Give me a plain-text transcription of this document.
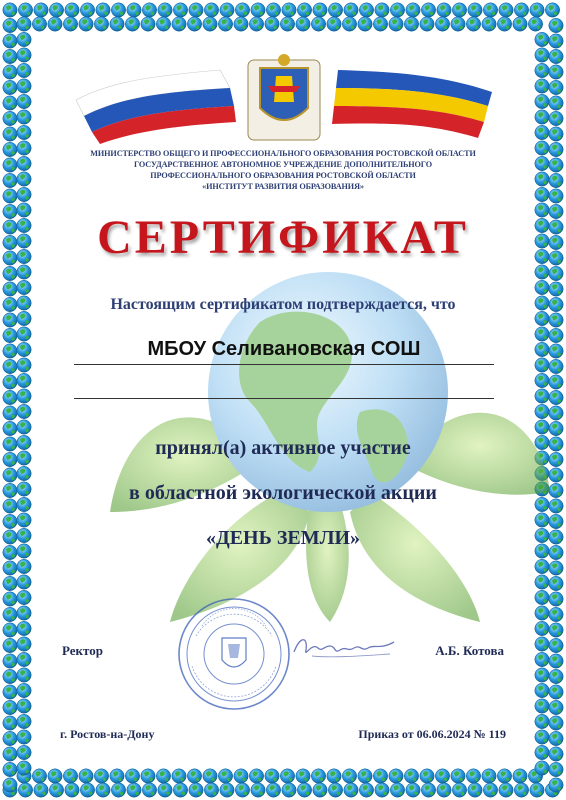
МИНИСТЕРСТВО ОБЩЕГО И ПРОФЕССИОНАЛЬНОГО ОБРАЗОВАНИЯ РОСТОВСКОЙ ОБЛАСТИ
ГОСУДАРСТВЕННОЕ АВТОНОМНОЕ УЧРЕЖДЕНИЕ ДОПОЛНИТЕЛЬНОГО
ПРОФЕССИОНАЛЬНОГО ОБРАЗОВАНИЯ РОСТОВСКОЙ ОБЛАСТИ
«ИНСТИТУТ РАЗВИТИЯ ОБРАЗОВАНИЯ»
СЕРТИФИКАТ
Настоящим сертификатом подтверждается, что
МБОУ Селивановская СОШ
принял(а) активное участие
в областной экологической акции
«ДЕНЬ ЗЕМЛИ»
Ректор	А.Б. Котова
г. Ростов-на-Дону	Приказ от 06.06.2024 № 119
